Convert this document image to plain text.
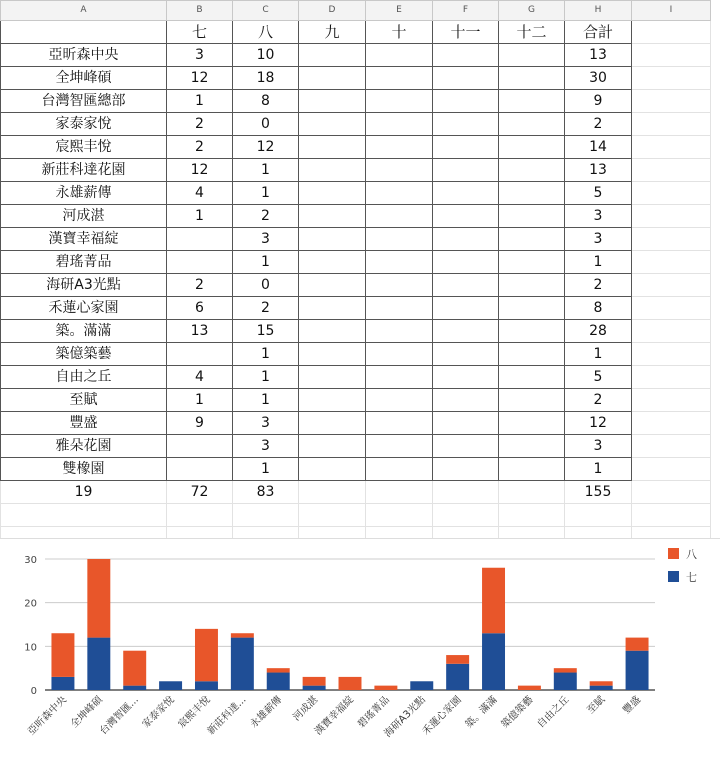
A	B	C	D	E	F	G	H	I
	七	八	九	十	十一	十二	合計	
亞昕森中央	3	10					13	
全坤峰碩	12	18					30	
台灣智匯總部	1	8					9	
家泰家悅	2	0					2	
宸熙丰悅	2	12					14	
新莊科達花園	12	1					13	
永雄薪傳	4	1					5	
河成湛	1	2					3	
漢寶幸福綻		3					3	
碧瑤菁品		1					1	
海研A3光點	2	0					2	
禾蓮心家園	6	2					8	
築。滿滿	13	15					28	
築億築藝		1					1	
自由之丘	4	1					5	
至賦	1	1					2	
豐盛	9	3					12	
雅朵花園		3					3	
雙橡園		1					1	
19	72	83					155	

0
10
20
30
亞昕森中央 全坤峰碩
台灣智匯... 家泰家悅 宸熙丰悅
新莊科達... 永雄薪傳 河成湛
漢寶幸福綻 碧瑤菁品
海研A3光點
禾蓮心家園 築。滿滿 築億築藝 自由之丘 至賦 豐盛
八
七
